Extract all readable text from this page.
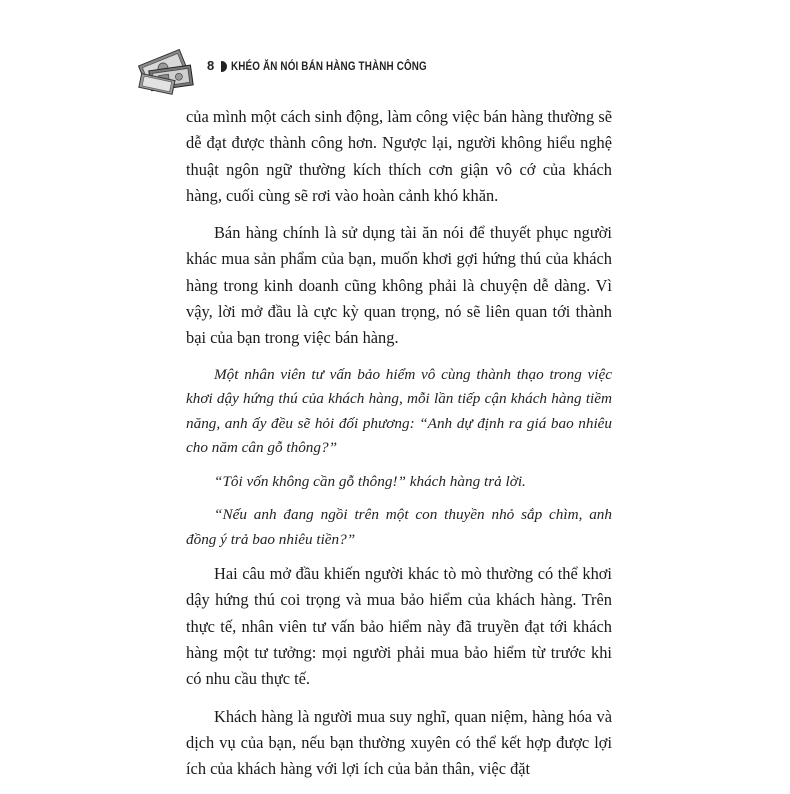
8 KHÉO ĂN NÓI BÁN HÀNG THÀNH CÔNG

của mình một cách sinh động, làm công việc bán hàng thường sẽ dễ đạt được thành công hơn. Ngược lại, người không hiểu nghệ thuật ngôn ngữ thường kích thích cơn giận vô cớ của khách hàng, cuối cùng sẽ rơi vào hoàn cảnh khó khăn.

Bán hàng chính là sử dụng tài ăn nói để thuyết phục người khác mua sản phẩm của bạn, muốn khơi gợi hứng thú của khách hàng trong kinh doanh cũng không phải là chuyện dễ dàng. Vì vậy, lời mở đầu là cực kỳ quan trọng, nó sẽ liên quan tới thành bại của bạn trong việc bán hàng.

Một nhân viên tư vấn bảo hiểm vô cùng thành thạo trong việc khơi dậy hứng thú của khách hàng, mỗi lần tiếp cận khách hàng tiềm năng, anh ấy đều sẽ hỏi đối phương: “Anh dự định ra giá bao nhiêu cho năm cân gỗ thông?”

“Tôi vốn không cần gỗ thông!” khách hàng trả lời.

“Nếu anh đang ngồi trên một con thuyền nhỏ sắp chìm, anh đồng ý trả bao nhiêu tiền?”

Hai câu mở đầu khiến người khác tò mò thường có thể khơi dậy hứng thú coi trọng và mua bảo hiểm của khách hàng. Trên thực tế, nhân viên tư vấn bảo hiểm này đã truyền đạt tới khách hàng một tư tưởng: mọi người phải mua bảo hiểm từ trước khi có nhu cầu thực tế.

Khách hàng là người mua suy nghĩ, quan niệm, hàng hóa và dịch vụ của bạn, nếu bạn thường xuyên có thể kết hợp được lợi ích của khách hàng với lợi ích của bản thân, việc đặt
